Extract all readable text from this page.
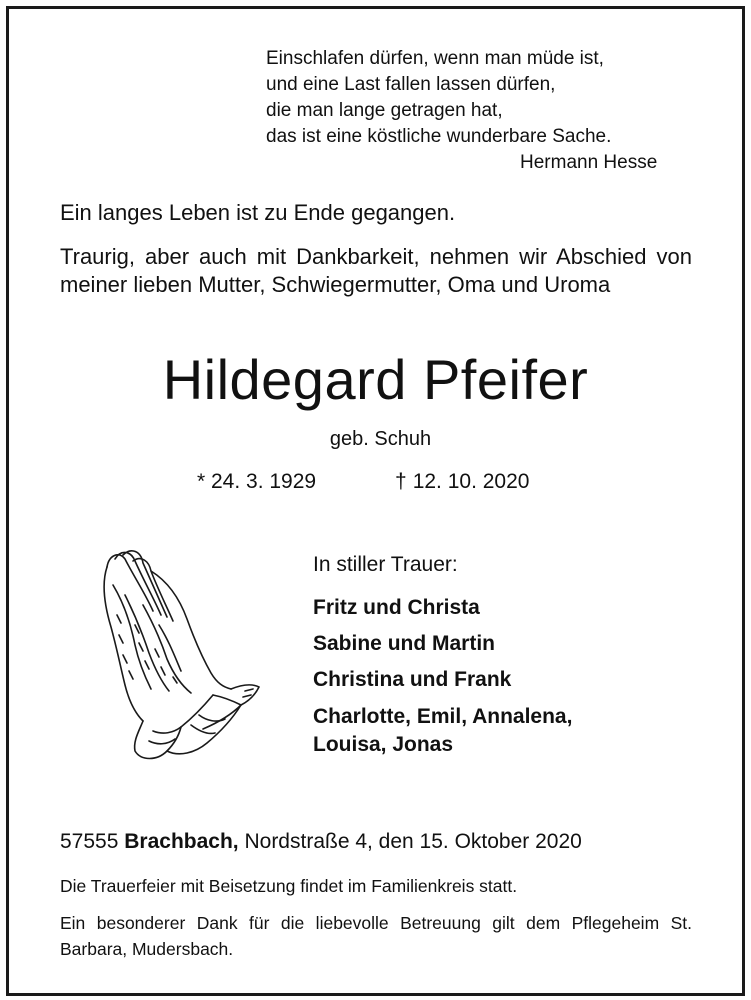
Einschlafen dürfen, wenn man müde ist,
und eine Last fallen lassen dürfen,
die man lange getragen hat,
das ist eine köstliche wunderbare Sache.
Hermann Hesse
Ein langes Leben ist zu Ende gegangen.
Traurig, aber auch mit Dankbarkeit, nehmen wir Abschied von meiner lieben Mutter, Schwiegermutter, Oma und Uroma
Hildegard Pfeifer
geb. Schuh
* 24. 3. 1929	† 12. 10. 2020
In stiller Trauer:
Fritz und Christa
Sabine und Martin
Christina und Frank
Charlotte, Emil, Annalena, Louisa, Jonas
57555 Brachbach, Nordstraße 4, den 15. Oktober 2020
Die Trauerfeier mit Beisetzung findet im Familienkreis statt.
Ein besonderer Dank für die liebevolle Betreuung gilt dem Pflegeheim St. Barbara, Mudersbach.
